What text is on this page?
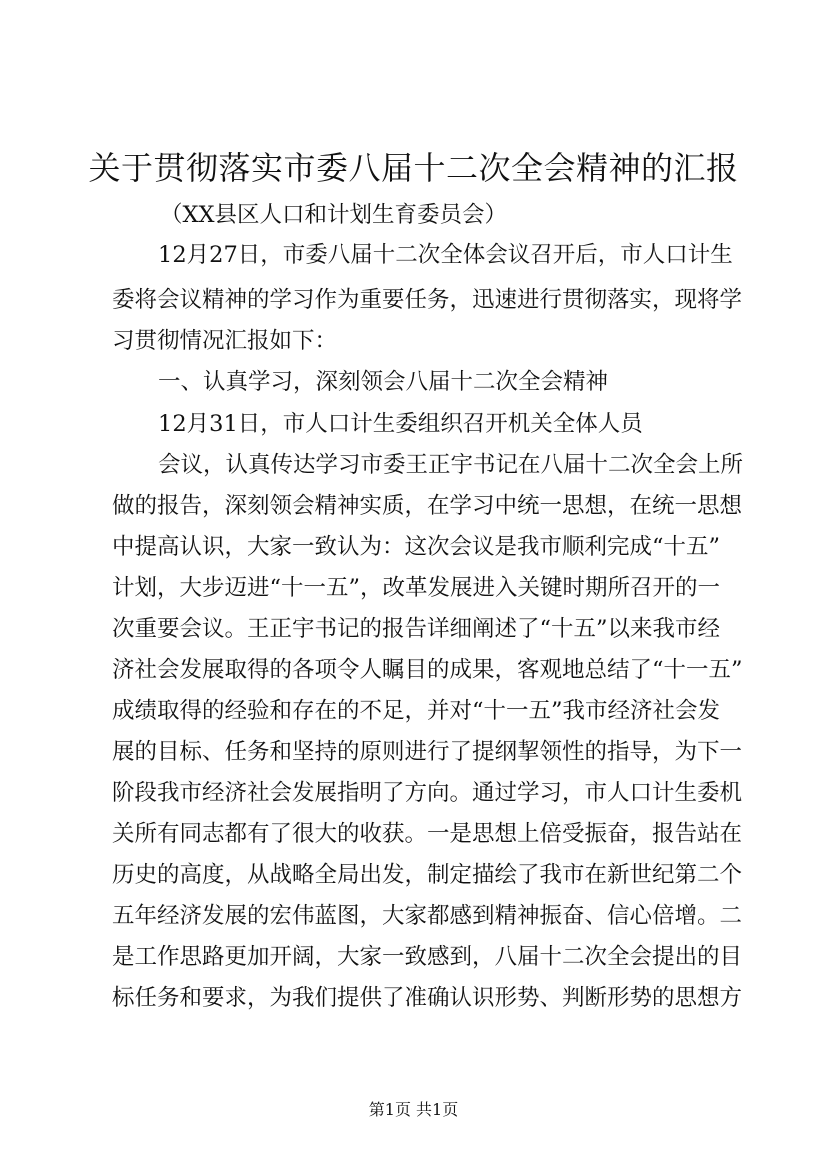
关于贯彻落实市委八届十二次全会精神的汇报

（XX县区人口和计划生育委员会）

12月27日，市委八届十二次全体会议召开后，市人口计生

委将会议精神的学习作为重要任务，迅速进行贯彻落实，现将学

习贯彻情况汇报如下：

一、认真学习，深刻领会八届十二次全会精神

12月31日，市人口计生委组织召开机关全体人员

会议，认真传达学习市委王正宇书记在八届十二次全会上所

做的报告，深刻领会精神实质，在学习中统一思想，在统一思想

中提高认识，大家一致认为：这次会议是我市顺利完成“十五”

计划，大步迈进“十一五”，改革发展进入关键时期所召开的一

次重要会议。王正宇书记的报告详细阐述了“十五”以来我市经

济社会发展取得的各项令人瞩目的成果，客观地总结了“十一五”

成绩取得的经验和存在的不足，并对“十一五”我市经济社会发

展的目标、任务和坚持的原则进行了提纲挈领性的指导，为下一

阶段我市经济社会发展指明了方向。通过学习，市人口计生委机

关所有同志都有了很大的收获。一是思想上倍受振奋，报告站在

历史的高度，从战略全局出发，制定描绘了我市在新世纪第二个

五年经济发展的宏伟蓝图，大家都感到精神振奋、信心倍增。二

是工作思路更加开阔，大家一致感到，八届十二次全会提出的目

标任务和要求，为我们提供了准确认识形势、判断形势的思想方

第1页 共1页
